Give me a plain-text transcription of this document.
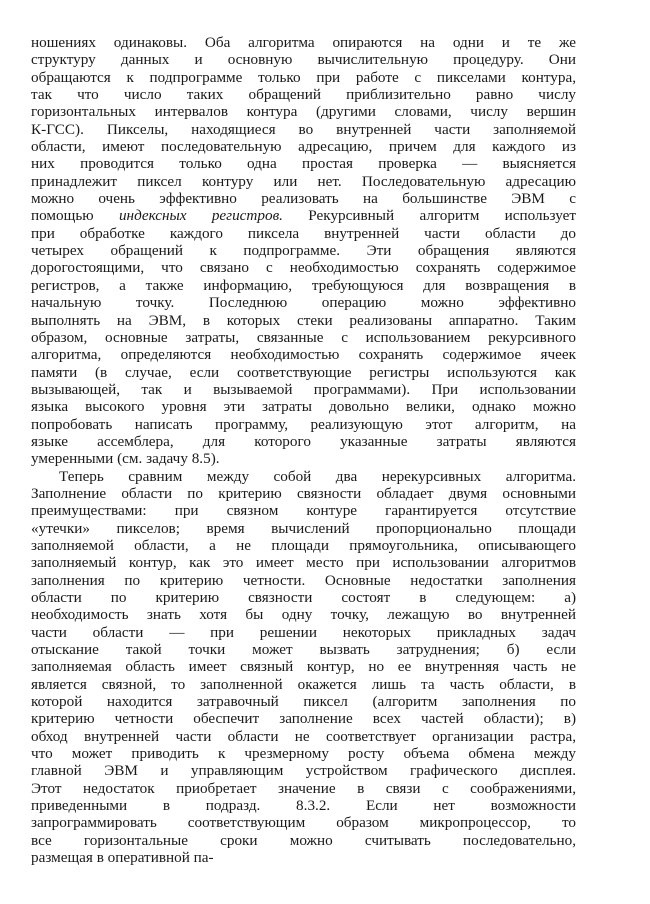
ношениях одинаковы. Оба алгоритма опираются на одни и те же
структуру данных и основную вычислительную процедуру. Они
обращаются к подпрограмме только при работе с пикселами контура,
так что число таких обращений приблизительно равно числу
горизонтальных интервалов контура (другими словами, числу вершин
К-ГСС). Пикселы, находящиеся во внутренней части заполняемой
области, имеют последовательную адресацию, причем для каждого из
них проводится только одна простая проверка — выясняется
принадлежит пиксел контуру или нет. Последовательную адресацию
можно очень эффективно реализовать на большинстве ЭВМ с
помощью индексных регистров. Рекурсивный алгоритм использует
при обработке каждого пиксела внутренней части области до
четырех обращений к подпрограмме. Эти обращения являются
дорогостоящими, что связано с необходимостью сохранять содержимое
регистров, а также информацию, требующуюся для возвращения в
начальную точку. Последнюю операцию можно эффективно
выполнять на ЭВМ, в которых стеки реализованы аппаратно. Таким
образом, основные затраты, связанные с использованием рекурсивного
алгоритма, определяются необходимостью сохранять содержимое ячеек
памяти (в случае, если соответствующие регистры используются как
вызывающей, так и вызываемой программами). При использовании
языка высокого уровня эти затраты довольно велики, однако можно
попробовать написать программу, реализующую этот алгоритм, на
языке ассемблера, для которого указанные затраты являются
умеренными (см. задачу 8.5).
Теперь сравним между собой два нерекурсивных алгоритма.
Заполнение области по критерию связности обладает двумя основными
преимуществами: при связном контуре гарантируется отсутствие
«утечки» пикселов; время вычислений пропорционально площади
заполняемой области, а не площади прямоугольника, описывающего
заполняемый контур, как это имеет место при использовании алгоритмов
заполнения по критерию четности. Основные недостатки заполнения
области по критерию связности состоят в следующем: а)
необходимость знать хотя бы одну точку, лежащую во внутренней
части области — при решении некоторых прикладных задач
отыскание такой точки может вызвать затруднения; б) если
заполняемая область имеет связный контур, но ее внутренняя часть не
является связной, то заполненной окажется лишь та часть области, в
которой находится затравочный пиксел (алгоритм заполнения по
критерию четности обеспечит заполнение всех частей области); в)
обход внутренней части области не соответствует организации растра,
что может приводить к чрезмерному росту объема обмена между
главной ЭВМ и управляющим устройством графического дисплея.
Этот недостаток приобретает значение в связи с соображениями,
приведенными в подразд. 8.3.2. Если нет возможности
запрограммировать соответствующим образом микропроцессор, то
все горизонтальные сроки можно считывать последовательно,
размещая в оперативной па-
